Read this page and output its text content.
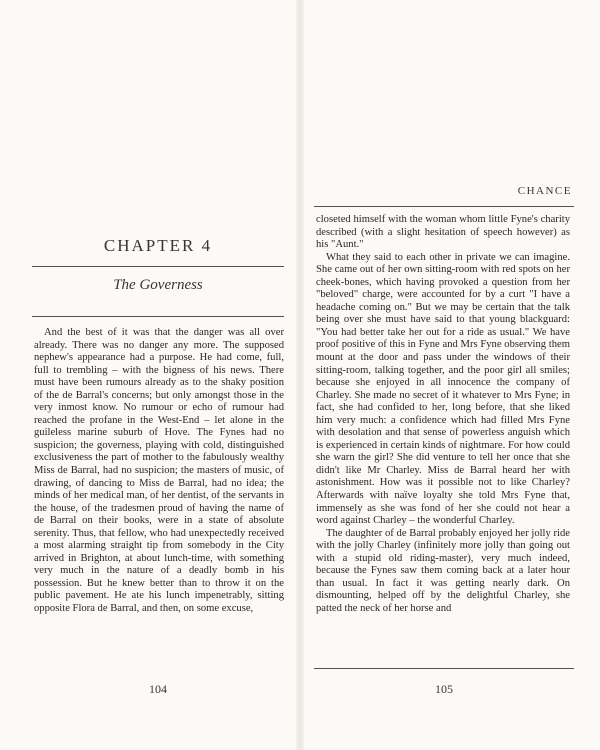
CHAPTER 4
The Governess

And the best of it was that the danger was all over already. There was no danger any more. The supposed nephew's appearance had a purpose. He had come, full, full to trembling – with the bigness of his news. There must have been rumours already as to the shaky position of the de Barral's concerns; but only amongst those in the very inmost know. No rumour or echo of rumour had reached the profane in the West-End – let alone in the guileless marine suburb of Hove. The Fynes had no suspicion; the governess, playing with cold, distinguished exclusiveness the part of mother to the fabulously wealthy Miss de Barral, had no suspicion; the masters of music, of drawing, of dancing to Miss de Barral, had no idea; the minds of her medical man, of her dentist, of the servants in the house, of the tradesmen proud of having the name of de Barral on their books, were in a state of absolute serenity. Thus, that fellow, who had unexpectedly received a most alarming straight tip from somebody in the City arrived in Brighton, at about lunch-time, with something very much in the nature of a deadly bomb in his possession. But he knew better than to throw it on the public pavement. He ate his lunch impenetrably, sitting opposite Flora de Barral, and then, on some excuse,

104
CHANCE

closeted himself with the woman whom little Fyne's charity described (with a slight hesitation of speech however) as his "Aunt."

What they said to each other in private we can imagine. She came out of her own sitting-room with red spots on her cheek-bones, which having provoked a question from her "beloved" charge, were accounted for by a curt "I have a headache coming on." But we may be certain that the talk being over she must have said to that young blackguard: "You had better take her out for a ride as usual." We have proof positive of this in Fyne and Mrs Fyne observing them mount at the door and pass under the windows of their sitting-room, talking together, and the poor girl all smiles; because she enjoyed in all innocence the company of Charley. She made no secret of it whatever to Mrs Fyne; in fact, she had confided to her, long before, that she liked him very much: a confidence which had filled Mrs Fyne with desolation and that sense of powerless anguish which is experienced in certain kinds of nightmare. For how could she warn the girl? She did venture to tell her once that she didn't like Mr Charley. Miss de Barral heard her with astonishment. How was it possible not to like Charley? Afterwards with naïve loyalty she told Mrs Fyne that, immensely as she was fond of her she could not hear a word against Charley – the wonderful Charley.

The daughter of de Barral probably enjoyed her jolly ride with the jolly Charley (infinitely more jolly than going out with a stupid old riding-master), very much indeed, because the Fynes saw them coming back at a later hour than usual. In fact it was getting nearly dark. On dismounting, helped off by the delightful Charley, she patted the neck of her horse and

105
